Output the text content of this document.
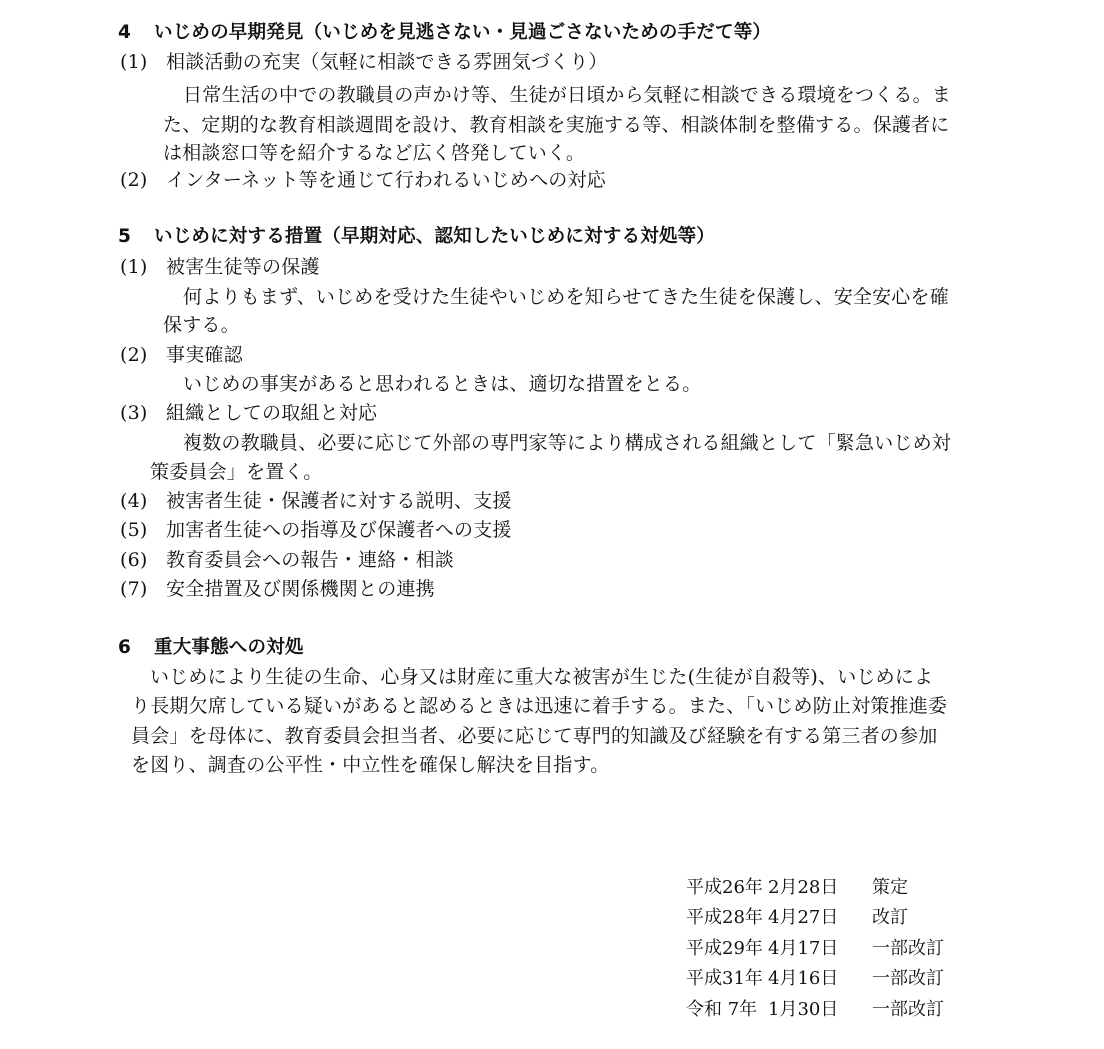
4 いじめの早期発見（いじめを見逃さない・見過ごさないための手だて等）
(1) 相談活動の充実（気軽に相談できる雰囲気づくり）
日常生活の中での教職員の声かけ等、生徒が日頃から気軽に相談できる環境をつくる。ま
た、定期的な教育相談週間を設け、教育相談を実施する等、相談体制を整備する。保護者に
は相談窓口等を紹介するなど広く啓発していく。
(2) インターネット等を通じて行われるいじめへの対応
5 いじめに対する措置（早期対応、認知したいじめに対する対処等）
(1) 被害生徒等の保護
何よりもまず、いじめを受けた生徒やいじめを知らせてきた生徒を保護し、安全安心を確
保する。
(2) 事実確認
いじめの事実があると思われるときは、適切な措置をとる。
(3) 組織としての取組と対応
複数の教職員、必要に応じて外部の専門家等により構成される組織として「緊急いじめ対
策委員会」を置く。
(4) 被害者生徒・保護者に対する説明、支援
(5) 加害者生徒への指導及び保護者への支援
(6) 教育委員会への報告・連絡・相談
(7) 安全措置及び関係機関との連携
6 重大事態への対処
いじめにより生徒の生命、心身又は財産に重大な被害が生じた(生徒が自殺等)、いじめによ
り長期欠席している疑いがあると認めるときは迅速に着手する。また、「いじめ防止対策推進委
員会」を母体に、教育委員会担当者、必要に応じて専門的知識及び経験を有する第三者の参加
を図り、調査の公平性・中立性を確保し解決を目指す。
平成26年 2月28日 策定
平成28年 4月27日 改訂
平成29年 4月17日 一部改訂
平成31年 4月16日 一部改訂
令和 7年 1月30日 一部改訂
